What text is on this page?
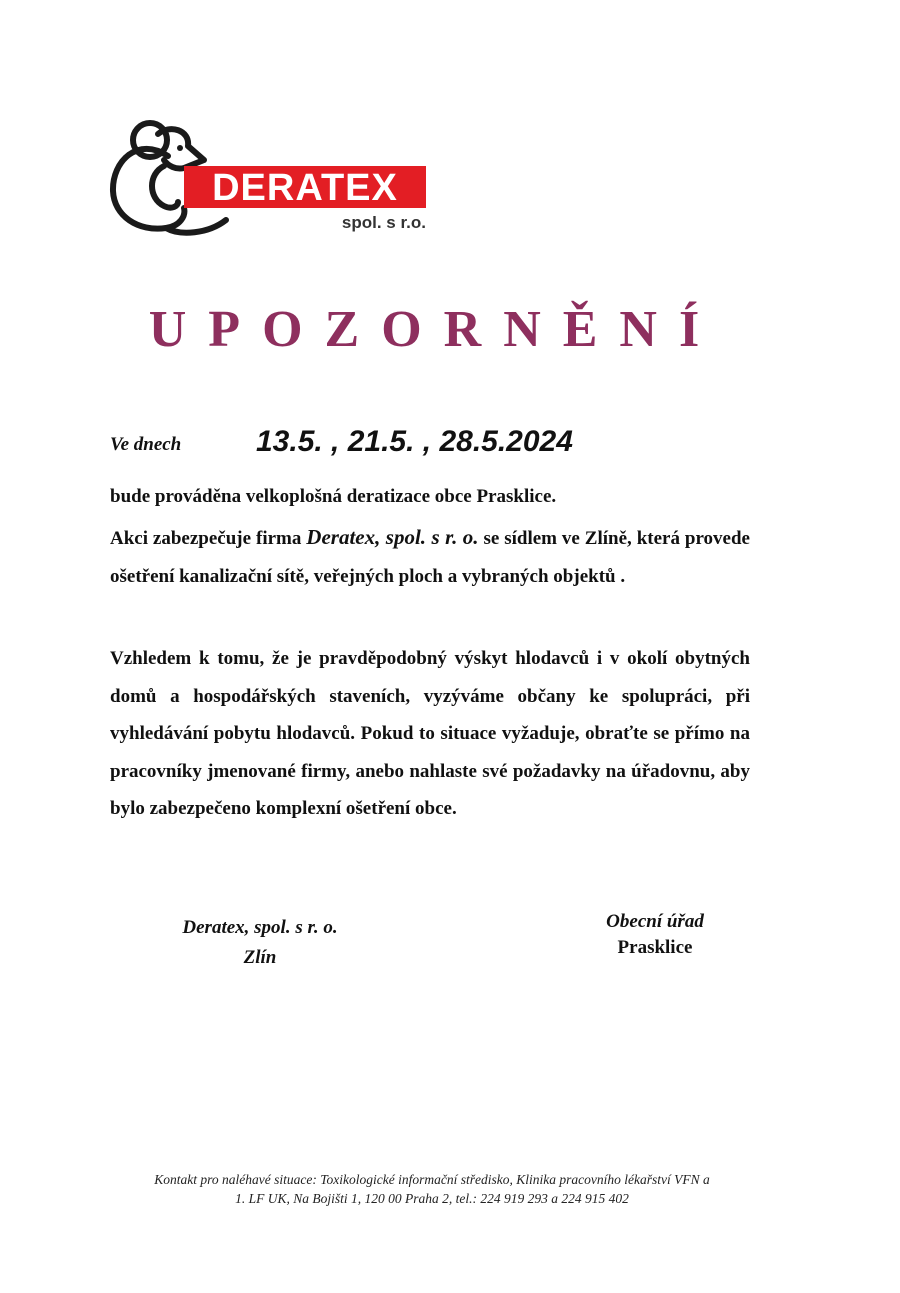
DERATEX
spol. s r.o.
UPOZORNĚNÍ
Ve dnech 13.5. , 21.5. , 28.5.2024
bude prováděna velkoplošná deratizace obce Prasklice.
Akci zabezpečuje firma Deratex, spol. s r. o. se sídlem ve Zlíně, která provede ošetření kanalizační sítě, veřejných ploch a vybraných objektů .
Vzhledem k tomu, že je pravděpodobný výskyt hlodavců i v okolí obytných domů a hospodářských staveních, vyzýváme občany ke spolupráci, při vyhledávání pobytu hlodavců. Pokud to situace vyžaduje, obraťte se přímo na pracovníky jmenované firmy, anebo nahlaste své požadavky na úřadovnu, aby bylo zabezpečeno komplexní ošetření obce.
Deratex, spol. s r. o.
Zlín
Obecní úřad
Prasklice
Kontakt pro naléhavé situace: Toxikologické informační středisko, Klinika pracovního lékařství VFN a
1. LF UK, Na Bojišti 1, 120 00 Praha 2, tel.: 224 919 293 a 224 915 402
